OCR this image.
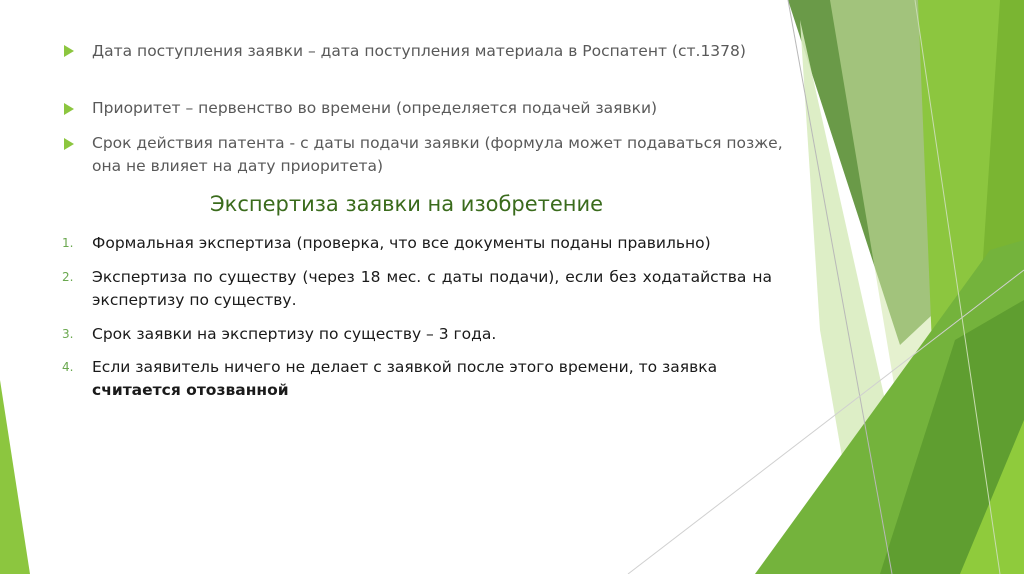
Дата поступления заявки – дата поступления материала в Роспатент (ст.1378)
Приоритет – первенство во времени (определяется подачей заявки)
Срок действия патента - с даты подачи заявки (формула может подаваться позже, она не влияет на дату приоритета)
Экспертиза заявки на изобретение
1. Формальная экспертиза (проверка, что все документы поданы правильно)
2. Экспертиза по существу (через 18 мес. с даты подачи), если без ходатайства на экспертизу по существу.
3. Срок заявки на экспертизу по существу – 3 года.
4. Если заявитель ничего не делает с заявкой после этого времени, то заявка считается отозванной
